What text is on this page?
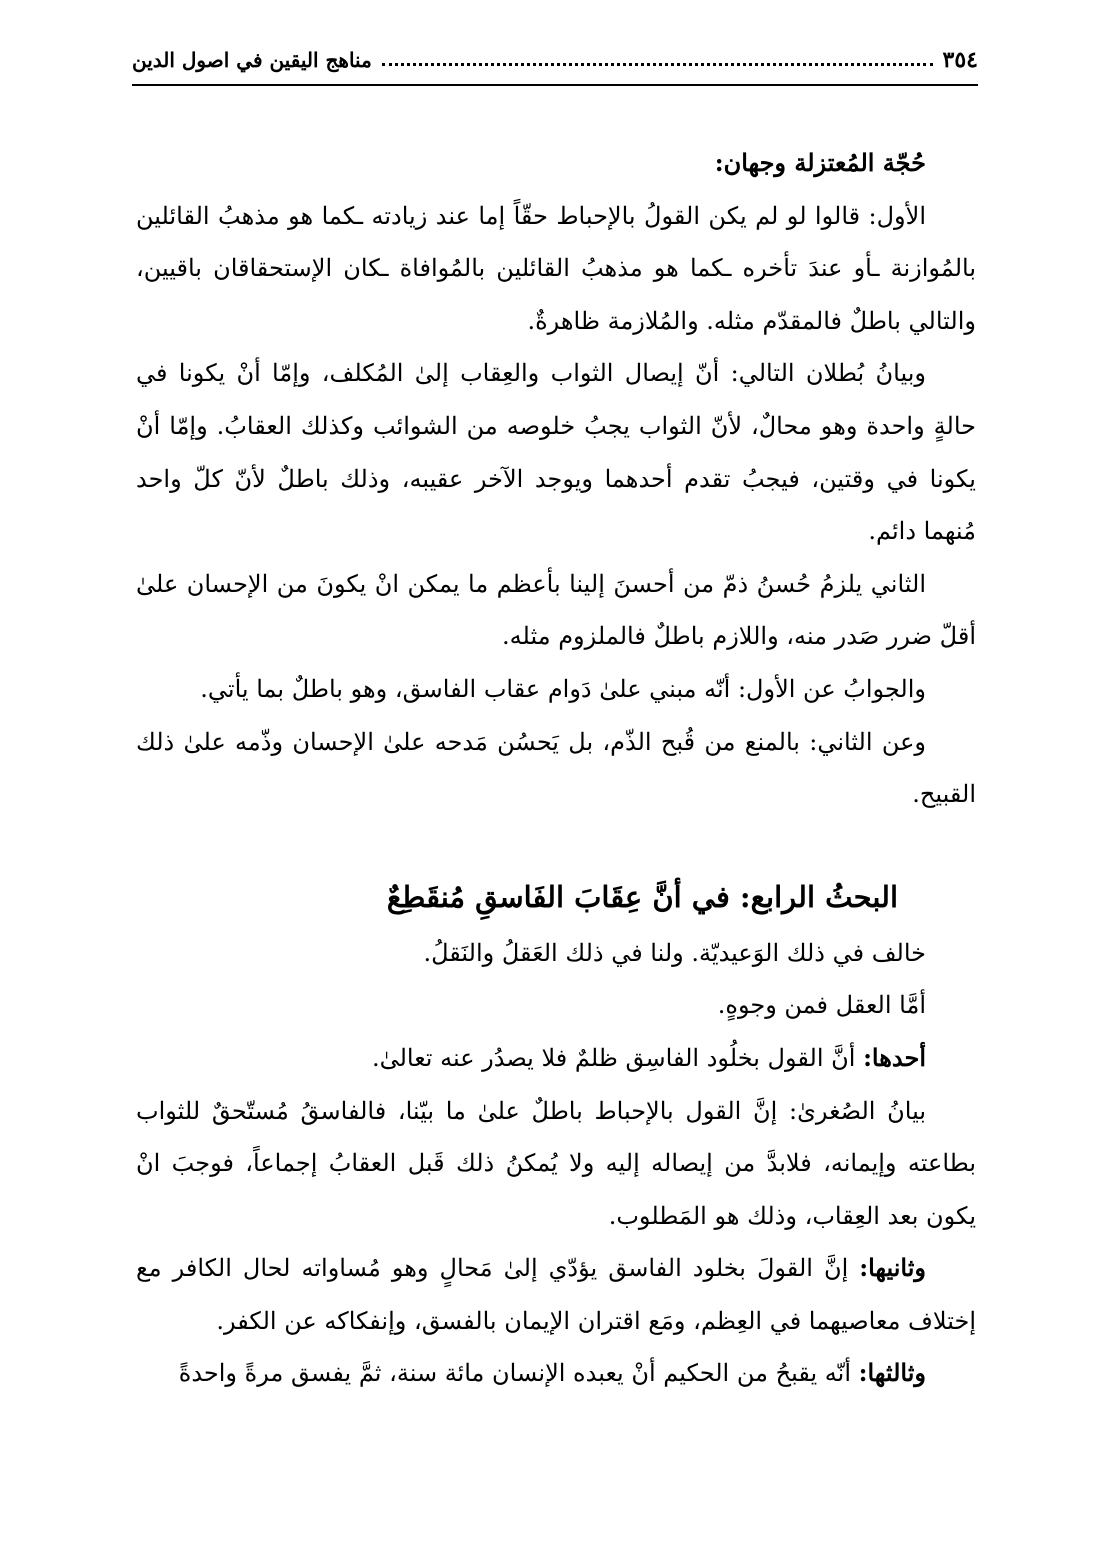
٣٥٤
مناهج اليقين في اصول الدين

حُجّة المُعتزلة وجهان:

الأول: قالوا لو لم يكن القولُ بالإحباط حقّاً إما عند زيادته ـكما هو مذهبُ القائلين بالمُوازنة ـأو عندَ تأخره ـكما هو مذهبُ القائلين بالمُوافاة ـكان الإستحقاقان باقيين، والتالي باطلٌ فالمقدّم مثله. والمُلازمة ظاهرةٌ.

وبيانُ بُطلان التالي: أنّ إيصال الثواب والعِقاب إلىٰ المُكلف، وإمّا أنْ يكونا في حالةٍ واحدة وهو محالٌ، لأنّ الثواب يجبُ خلوصه من الشوائب وكذلك العقابُ. وإمّا أنْ يكونا في وقتين، فيجبُ تقدم أحدهما ويوجد الآخر عقيبه، وذلك باطلٌ لأنّ كلّ واحد مُنهما دائم.

الثاني يلزمُ حُسنُ ذمّ من أحسنَ إلينا بأعظم ما يمكن انْ يكونَ من الإحسان علىٰ أقلّ ضرر صَدر منه، واللازم باطلٌ فالملزوم مثله.

والجوابُ عن الأول: أنّه مبني علىٰ دَوام عقاب الفاسق، وهو باطلٌ بما يأتي.

وعن الثاني: بالمنع من قُبح الذّم، بل يَحسُن مَدحه علىٰ الإحسان وذّمه علىٰ ذلك القبيح.

البحثُ الرابع: في أنَّ عِقَابَ الفَاسقِ مُنقَطِعٌ

خالف في ذلك الوَعيديّة. ولنا في ذلك العَقلُ والنَقلُ.

أمَّا العقل فمن وجوهٍ.

أحدها: أنَّ القول بخلُود الفاسِق ظلمٌ فلا يصدُر عنه تعالىٰ.

بيانُ الصُغرىٰ: إنَّ القول بالإحباط باطلٌ علىٰ ما بيّنا، فالفاسقُ مُستّحقٌ للثواب بطاعته وإيمانه، فلابدَّ من إيصاله إليه ولا يُمكنُ ذلك قَبل العقابُ إجماعاً، فوجبَ انْ يكون بعد العِقاب، وذلك هو المَطلوب.

وثانيها: إنَّ القولَ بخلود الفاسق يؤدّي إلىٰ مَحالٍ وهو مُساواته لحال الكافر مع إختلاف معاصيهما في العِظم، ومَع اقتران الإيمان بالفسق، وإنفكاكه عن الكفر.

وثالثها: أنّه يقبحُ من الحكيم أنْ يعبده الإنسان مائة سنة، ثمَّ يفسق مرةً واحدةً
